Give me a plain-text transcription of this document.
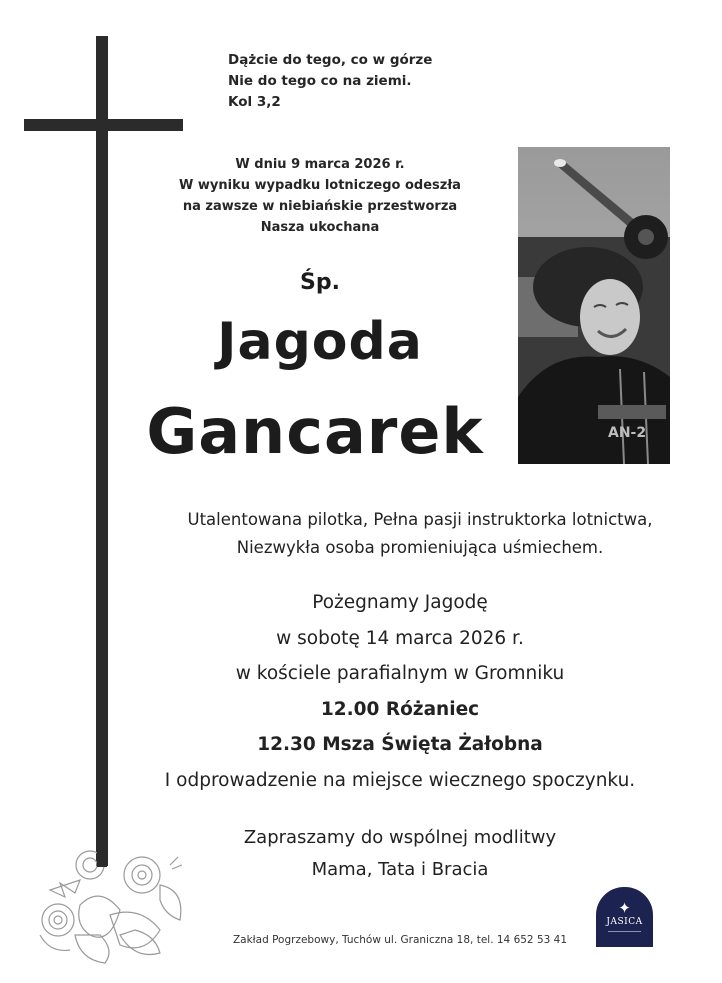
Dążcie do tego, co w górze
Nie do tego co na ziemi.
Kol 3,2
W dniu 9 marca 2026 r.
W wyniku wypadku lotniczego odeszła
na zawsze w niebiańskie przestworza
Nasza ukochana
Śp.
Jagoda
Gancarek	AN-2
Utalentowana pilotka, Pełna pasji instruktorka lotnictwa,
Niezwykła osoba promieniująca uśmiechem.
Pożegnamy Jagodę
w sobotę 14 marca 2026 r.
w kościele parafialnym w Gromniku
12.00 Różaniec
12.30 Msza Święta Żałobna
I odprowadzenie na miejsce wiecznego spoczynku.
Zapraszamy do wspólnej modlitwy
Mama, Tata i Bracia
Zakład Pogrzebowy, Tuchów ul. Graniczna 18, tel. 14 652 53 41
✦
JASICA
